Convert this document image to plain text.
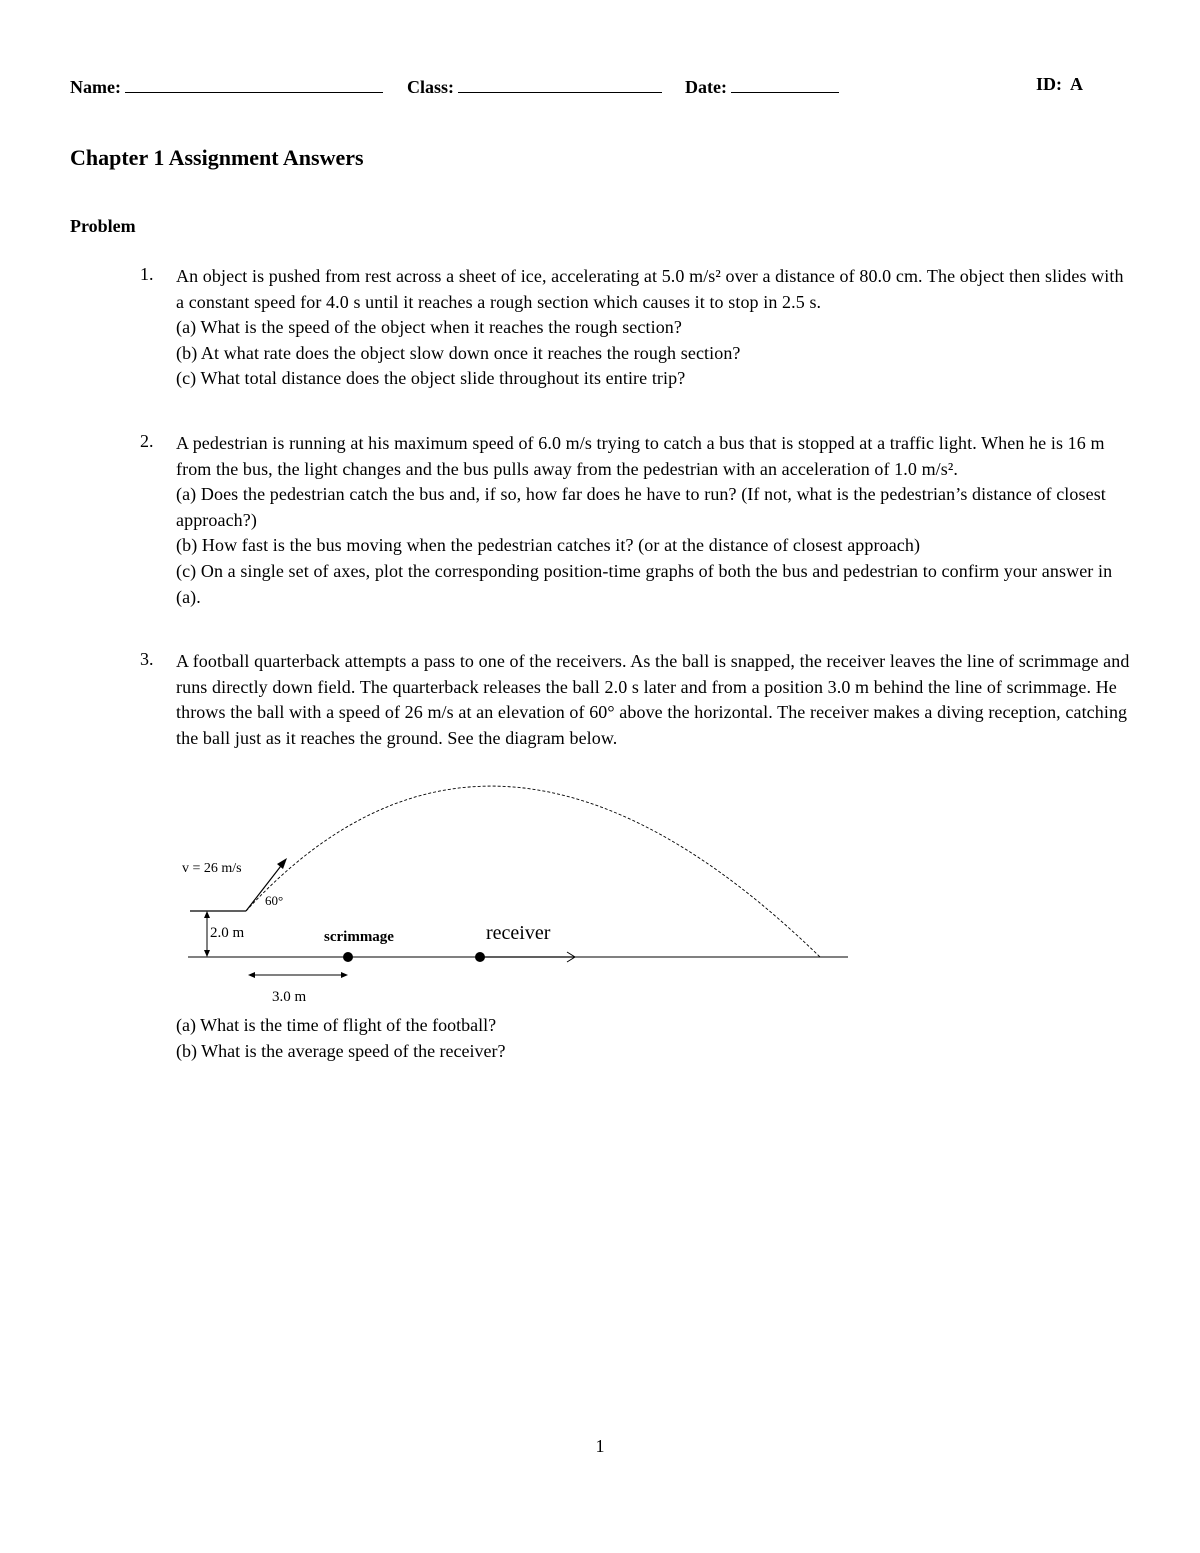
Name:	Class:	Date:	ID: A
Chapter 1 Assignment Answers
Problem
1.	An object is pushed from rest across a sheet of ice, accelerating at 5.0 m/s² over a distance of 80.0 cm. The object then slides with a constant speed for 4.0 s until it reaches a rough section which causes it to stop in 2.5 s.

(a) What is the speed of the object when it reaches the rough section?

(b) At what rate does the object slow down once it reaches the rough section?

(c) What total distance does the object slide throughout its entire trip?

2.	A pedestrian is running at his maximum speed of 6.0 m/s trying to catch a bus that is stopped at a traffic light. When he is 16 m from the bus, the light changes and the bus pulls away from the pedestrian with an acceleration of 1.0 m/s².

(a) Does the pedestrian catch the bus and, if so, how far does he have to run? (If not, what is the pedestrian’s distance of closest approach?)

(b) How fast is the bus moving when the pedestrian catches it? (or at the distance of closest approach)

(c) On a single set of axes, plot the corresponding position-time graphs of both the bus and pedestrian to confirm your answer in (a).

3.	A football quarterback attempts a pass to one of the receivers. As the ball is snapped, the receiver leaves the line of scrimmage and runs directly down field. The quarterback releases the ball 2.0 s later and from a position 3.0 m behind the line of scrimmage. He throws the ball with a speed of 26 m/s at an elevation of 60° above the horizontal. The receiver makes a diving reception, catching the ball just as it reaches the ground. See the diagram below.

2.0 m
v = 26 m/s
60°
scrimmage	receiver
3.0 m

(a) What is the time of flight of the football?

(b) What is the average speed of the receiver?

1
